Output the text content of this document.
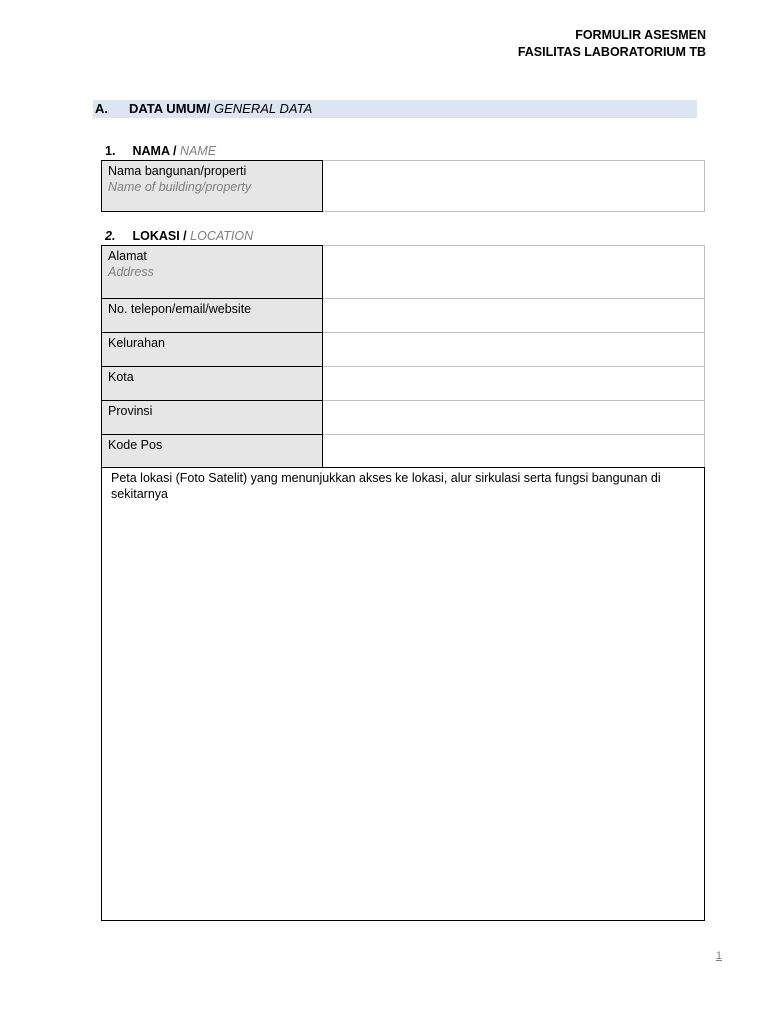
FORMULIR ASESMEN
FASILITAS LABORATORIUM TB
A. DATA UMUM/ GENERAL DATA
1. NAMA / NAME
Nama bangunan/properti
Name of building/property

2. LOKASI / LOCATION
Alamat
Address	

No. telepon/email/website	
Kelurahan	
Kota	
Provinsi	
Kode Pos	
Peta lokasi (Foto Satelit) yang menunjukkan akses ke lokasi, alur sirkulasi serta fungsi bangunan di sekitarnya
1
